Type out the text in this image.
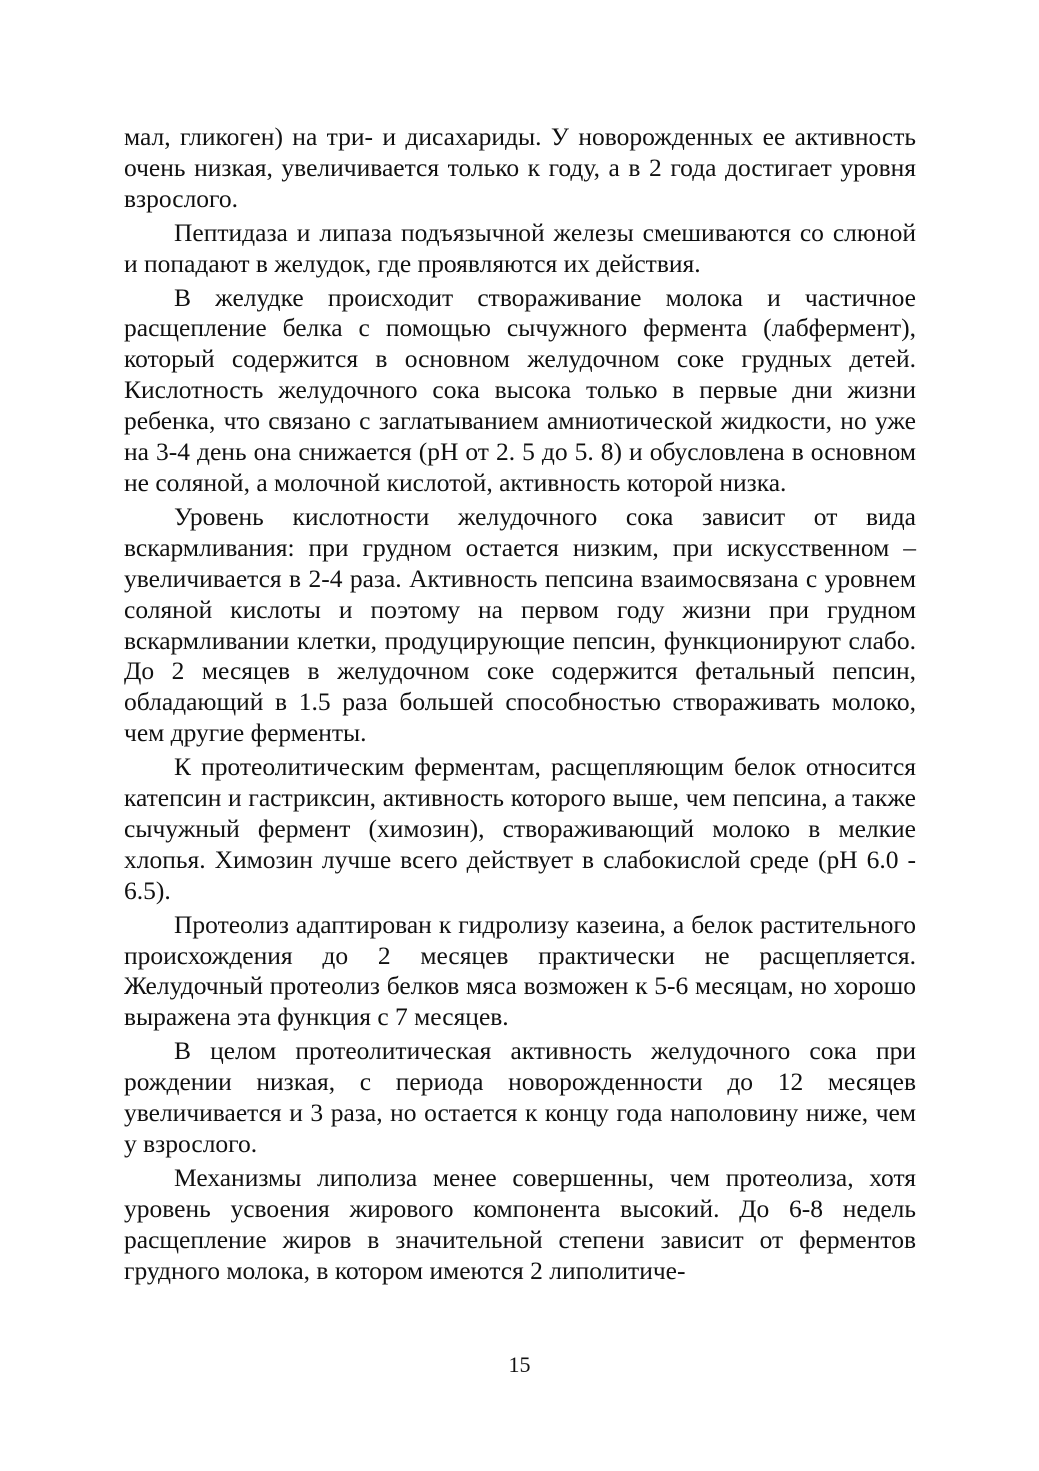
мал, гликоген) на три- и дисахариды. У новорожденных ее активность очень низкая, увеличивается только к году, а в 2 года достигает уровня взрослого.

Пептидаза и липаза подъязычной железы смешиваются со слюной и попадают в желудок, где проявляются их действия.

В желудке происходит створаживание молока и частичное расщепление белка с помощью сычужного фермента (лабфермент), который содержится в основном желудочном соке грудных детей. Кислотность желудочного сока высока только в первые дни жизни ребенка, что связано с заглатыванием амниотической жидкости, но уже на 3-4 день она снижается (рН от 2. 5 до 5. 8) и обусловлена в основном не соляной, а молочной кислотой, активность которой низка.

Уровень кислотности желудочного сока зависит от вида вскармливания: при грудном остается низким, при искусственном – увеличивается в 2-4 раза. Активность пепсина взаимосвязана с уровнем соляной кислоты и поэтому на первом году жизни при грудном вскармливании клетки, продуцирующие пепсин, функционируют слабо. До 2 месяцев в желудочном соке содержится фетальный пепсин, обладающий в 1.5 раза большей способностью створаживать молоко, чем другие ферменты.

К протеолитическим ферментам, расщепляющим белок относится катепсин и гастриксин, активность которого выше, чем пепсина, а также сычужный фермент (химозин), створаживающий молоко в мелкие хлопья. Химозин лучше всего действует в слабокислой среде (рН 6.0 - 6.5).

Протеолиз адаптирован к гидролизу казеина, а белок растительного происхождения до 2 месяцев практически не расщепляется. Желудочный протеолиз белков мяса возможен к 5-6 месяцам, но хорошо выражена эта функция с 7 месяцев.

В целом протеолитическая активность желудочного сока при рождении низкая, с периода новорожденности до 12 месяцев увеличивается и 3 раза, но остается к концу года наполовину ниже, чем у взрослого.

Механизмы липолиза менее совершенны, чем протеолиза, хотя уровень усвоения жирового компонента высокий. До 6-8 недель расщепление жиров в значительной степени зависит от ферментов грудного молока, в котором имеются 2 липолитиче-

15
